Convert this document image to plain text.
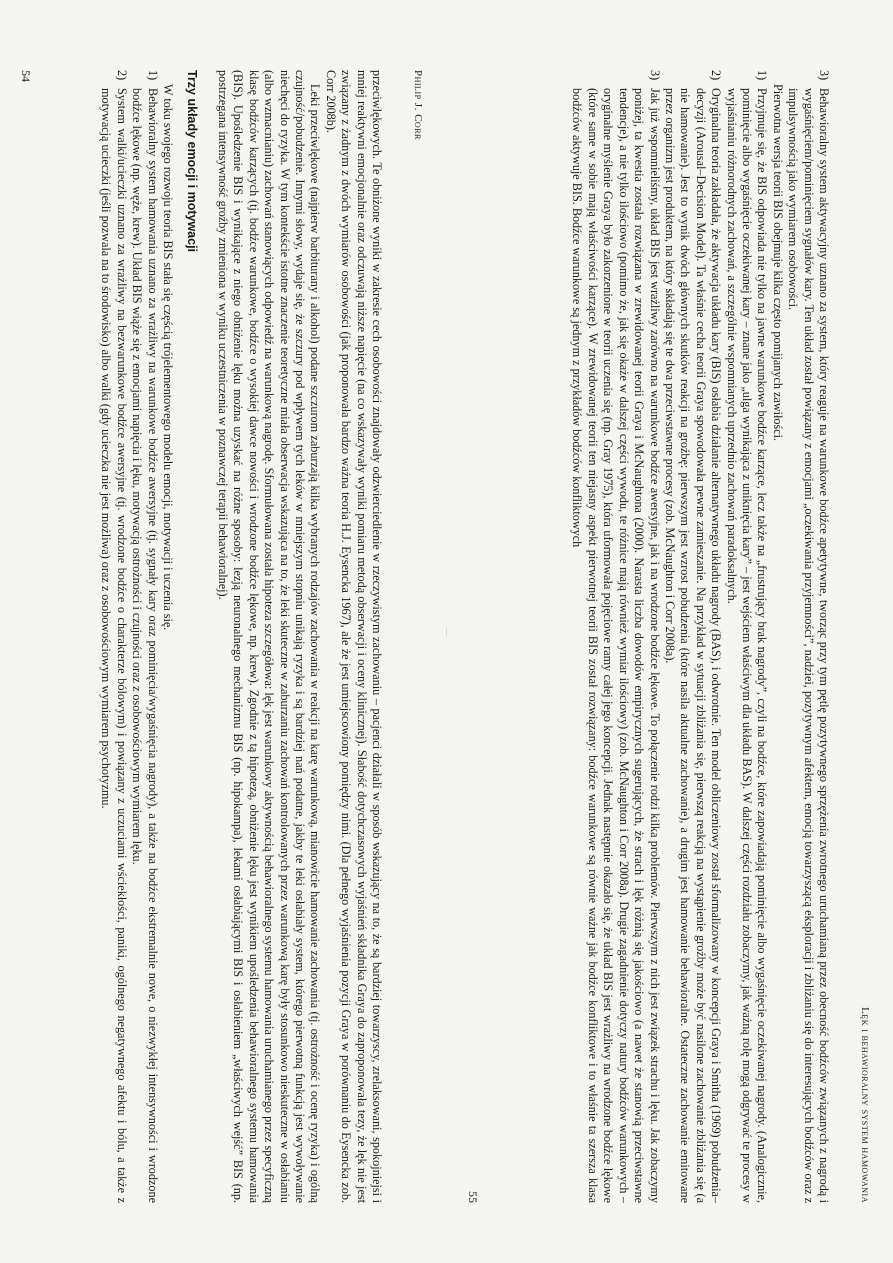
Philip J. Corr

przeciwlękowych. Te obniżone wyniki w zakresie cech osobowości znajdowały odzwierciedlenie w rzeczywistym zachowaniu – pacjenci działali w sposób wskazujący na to, że są bardziej towarzyscy, zrelaksowani, spokojniejsi i mniej reaktywni emocjonalnie oraz odczuwają niższe napięcie (na co wskazywały wyniki pomiaru metodą obserwacji i oceny klinicznej). Słabość dotychczasowych wyjaśnień składnika Graya do zaproponowała tezy, że lęk nie jest związany z żadnym z dwóch wymiarów osobowości (jak proponowała bardzo ważna teoria H.J. Eysencka 1967), ale że jest umiejscowiony pomiędzy nimi. (Dla pełnego wyjaśnienia pozycji Graya w porównaniu do Eysencka zob. Corr 2008b).

Leki przeciwlękowe (najpierw barbiturany i alkohol) podane szczurom zaburzają kilka wybranych rodzajów zachowania w reakcji na karę warunkową, mianowicie hamowanie zachowania (tj. ostrożność i ocenę ryzyka) i ogólną czujność/pobudzenie. Innymi słowy, wydaje się, że szczury pod wpływem tych leków w mniejszym stopniu unikają ryzyka i są bardziej nań podatne, jakby te leki osłabiały system, którego pierwotną funkcją jest wywoływanie niechęci do ryzyka. W tym kontekście istotne znaczenie teoretyczne miała obserwacja wskazująca na to, że leki skuteczne w zaburzaniu zachowań kontrolowanych przez warunkową karę były stosunkowo nieskuteczne w osłabianiu (albo wzmacnianiu) zachowań stanowiących odpowiedź na warunkową nagrodę. Sformułowana została hipoteza szczegółowa: lęk jest warunkowy aktywnością behawioralnego systemu hamowania uruchamianego przez specyficzną klasę bodźców karzących (tj. bodźce warunkowe, bodźce o wysokiej dawce nowości i wrodzone bodźce lękowe, np. krew). Zgodnie z tą hipotezą, obniżenie lęku jest wynikiem upośledzenia behawioralnego systemu hamowania (BIS). Upośledzenie BIS i wynikające z niego obniżenie lęku można uzyskać na różne sposoby: lezją neuronalnego mechanizmu BIS (np. hipokampa), lekami osłabiającymi BIS i osłabieniem „właściwych wejść” BIS (np. postrzegana intensywność groźby zmieniona w wyniku uczestniczenia w poznawczej terapii behawioralnej).

Trzy układy emocji i motywacji

W toku swojego rozwoju teoria BIS stała się częścią trójelementowego modelu emocji, motywacji i uczenia się.

1)
Behawioralny system hamowania uznano za wrażliwy na warunkowe bodźce awersyjne (tj. sygnały kary oraz pominięcia/wygaśnięcia nagrody), a także na bodźce ekstremalnie nowe, o niezwykłej intensywności i wrodzone bodźce lękowe (np. węże, krew). Układ BIS wiąże się z emocjami napięcia i lęku, motywacją ostrożności i czujności oraz z osobowościowym wymiarem lęku.
2)
System walki/ucieczki uznano za wrażliwy na bezwarunkowe bodźce awersyjne (tj. wrodzone bodźce o charakterze bólowym) i powiązany z uczuciami wściekłości, paniki, ogólnego negatywnego afektu i bólu, a także z motywacją ucieczki (jeśli pozwala na to środowisko) albo walki (gdy ucieczka nie jest możliwa) oraz z osobowościowym wymiarem psychotyzmu.
54
Lęk i behawioralny system hamowania
3)
Behawioralny system aktywacyjny uznano za system, który reaguje na warunkowe bodźce apetytywne, tworząc przy tym pętlę pozytywnego sprzężenia zwrotnego uruchamianą przez obecność bodźców związanych z nagrodą i wygaśnięciem/pominięciem sygnałów kary. Ten układ został powiązany z emocjami „oczekiwania przyjemności”, nadziei, pozytywnym afektem, emocją towarzyszącą eksploracji i zbliżaniu się do interesujących bodźców oraz z impulsywnością jako wymiarem osobowości.

Pierwotna wersja teorii BIS obejmuje kilka często pomijanych zawiłości.

1)
Przyjmuje się, że BIS odpowiada nie tylko na jawne warunkowe bodźce karzące, lecz także na „frustrujący brak nagrody”, czyli na bodźce, które zapowiadają pominięcie albo wygaśnięcie oczekiwanej nagrody. (Analogicznie, pominięcie albo wygaśnięcie oczekiwanej kary – znane jako „ulga wynikająca z uniknięcia kary” – jest wejściem właściwym dla układu BAS). W dalszej części rozdziału zobaczymy, jak ważną rolę mogą odgrywać te procesy w wyjaśnianiu różnorodnych zachowań, a szczególnie wspomnianych uprzednio zachowań paradoksalnych.
2)
Oryginalna teoria zakładała, że aktywacja układu kary (BIS) osłabia działanie alternatywnego układu nagrody (BAS), i odwrotnie. Ten model obliczeniowy został sformalizowany w koncepcji Graya i Smitha (1969) pobudzenia–decyzji (Arousal–Decision Model). Ta właśnie cecha teorii Graya spowodowała pewne zamieszanie. Na przykład w sytuacji zbliżania się, pierwszą reakcją na wystąpienie groźby może być nasilone zachowanie zbliżania się (a nie hamowanie). Jest to wynik dwóch głównych skutków reakcji na groźbę: pierwszym jest wzrost pobudzenia (które nasila aktualne zachowanie), a drugim jest hamowanie behawioralne. Ostateczne zachowanie emitowane przez organizm jest produktem, na który składają się te dwa przeciwstawne procesy (zob. McNaughton i Corr 2008a).
3)
Jak już wspomnieliśmy, układ BIS jest wrażliwy zarówno na warunkowe bodźce awersyjne, jak i na wrodzone bodźce lękowe. To połączenie rodzi kilka problemów. Pierwszym z nich jest związek strachu i lęku. Jak zobaczymy poniżej, ta kwestia została rozwiązana w zrewidowanej teorii Graya i McNaughtona (2000). Narasta liczba dowodów empirycznych sugerujących, że strach i lęk różnią się jakościowo (a nawet że stanowią przeciwstawne tendencje), a nie tylko ilościowo (pomimo że, jak się okaże w dalszej części wywodu, te różnice mają również wymiar ilościowy) (zob. McNaughton i Corr 2008a). Drugie zagadnienie dotyczy natury bodźców warunkowych – oryginalne myślenie Graya było zakorzenione w teorii uczenia się (np. Gray 1975), która uformowała pojęciowe ramy całej jego koncepcji. Jednak następnie okazało się, że układ BIS jest wrażliwy na wrodzone bodźce lękowe (które same w sobie mają właściwości karzące). W zrewidowanej teorii ten niejasny aspekt pierwotnej teorii BIS został rozwiązany: bodźce warunkowe są równie ważne jak bodźce konfliktowe i to właśnie ta szersza klasa bodźców aktywuje BIS. Bodźce warunkowe są jednym z przykładów bodźców konfliktowych
55
